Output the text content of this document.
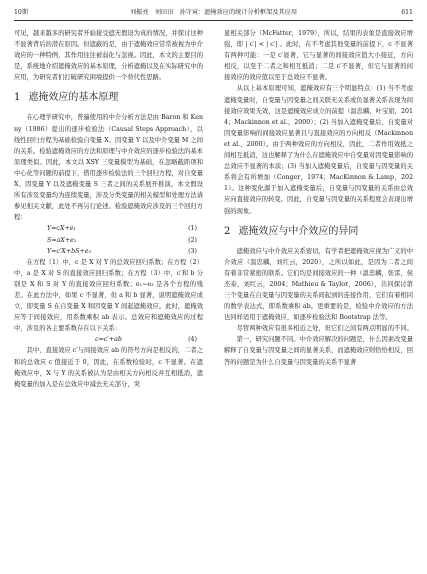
10期	刘振亮　刘田田　孙守寅：遮掩效应的统计分析框架及其应用	611

可见，越来越多的研究者开始接受遮无假设为真的情况，并探讨这种不显著背后的潜在原因。但遮蔽的是，由于遮掩效应常常被视为中介效应的一种特例，其作用往往被弱化与忽视。因此，本文的主要目的是，系统地介绍遮掩效应的基本原理，分析遮掩以及在实际研究中的应用，为研究者们打破研究困境提供一个替代性思路。

1 遮掩效应的基本原理

在心理学研究中，普遍使用的中介分析方法是由 Baron 和 Kenny（1986）提出的逐步检验法（Causal Steps Approach），以线性回归方程为基础检验自变量 X、因变量 Y 以及中介变量 M 之间的关系。检验遮掩效应的方法和原理与中介效应的逐步检验法的基本原理类似。因此，本文以 XSY 三变量模型为基础，在忽略截距项和中心化等问题的前提下，借用逐步检验法的三个回归方程，对自变量 X、因变量 Y 以及遮掩变量 S 三者之间的关系展开推演。本文假设所有涉及变量均为连续变量，涉及分类变量的相关模型和处理方法请参见相关文献，此处不再另行论述。检验遮掩效应涉及的三个回归方程：

Y=cX+e₁	(1)
S=aX+e₂	(2)
Y=c′X+bS+e₃	(3)

在方程（1）中，c 是 X 对 Y 的总效应回归系数；在方程（2）中，a 是 X 对 S 的直接效应回归系数；在方程（3）中，c′和 b 分别是 X 和 S 对 Y 的直接效应回归系数；e₁~e₃ 是各个方程的残差。在此方法中，如果 c 不显著，但 a 和 b 显著，说明遮掩效应成立，即变量 S 在自变量 X 和因变量 Y 间起遮掩效应。此时，遮掩效应等于间接效应，用系数乘积 ab 表示。总效应和遮掩效应的过程中，涉及的各主要系数存在以下关系：

c=c′+ab	(4)

其中，直接效应 c′与间接效应 ab 的符号方向是相反的，二者之和的总效应 c 值接近于 0，因此，在系数检验时，c 不显著。在遮掩效应中，X 与 Y 的关系被认为是由相关方向相反并互相抵消，遮掩变量的加入是在总效应中减去无关部分，突

显相关部分（McFatter，1979），所以，结果的表象是直接效应增强，即 | c′| < | c′| 。此时，在不考虑其他变量的前提下，c 不显著有两种可能：一是 c′显著，它与显著的间接效应值大小接近，方向相反，以至于二者之和相互抵消；二是 c′不显著，但它与显著的间接效应的效应值以至于总效应不显著。

从以上基本原理可知，遮掩效应有三个明显特点：(1) 当不考虑遮掩变量时，自变量与因变量之间关联无关系或负显著关系表现为间接效应效果无效，这是遮掩效应成立的前提（温忠麟，叶宝娟，2014；Mackinnon et al.，2000）；(2) 当加入遮掩变量后，自变量对因变量影响的间接效应显著且与直接效应的方向相反（Mackinnon et al.，2000）。由于两种效应的方向相反，因此，二者作用效抵之间相互抵消，这也解释了为什么在遮掩效应中自变量对因变量影响的总效应不显著的本质；(3) 当加入遮掩变量后，自变量与因变量的关系将会有所增加（Conger，1974；MacKinnon & Lamp，2021）。这种变化源于加入遮掩变量后，自变量与因变量的关系由总效应向直接效应的转变。因此，自变量与因变量的关系程度会表现出增强的现象。

2 遮掩效应与中介效应的异同

遮掩效应与中介效应关系密切，有学者把遮掩效应视为广义的中介效应（温忠麟，刘红云，2020），之所以如此，是因为二者之间有着非常紧密的联系。它们均是间接效应的一种（温忠麟，张雷，侯杰泰，刘红云，2004；Mathieu & Taylor，2006），共同探讨第三个变量在自变量与因变量的关系间起到的连接作用，它们有着相同的数学表达式，即系数乘积 ab。更重要的是，检验中介效应的方法也同样适用于遮掩效应，如逐步检验法和 Bootstrap 法等。

尽管两种效应有很多相近之处，但它们之间有两点明显的不同。

第一，研究问题不同。中介效应解决的问题是，什么因素改变量解释了自变量与因变量之间的显著关系，而遮掩效应则恰恰相反，回答的问题是为什么自变量与因变量的关系不显著
